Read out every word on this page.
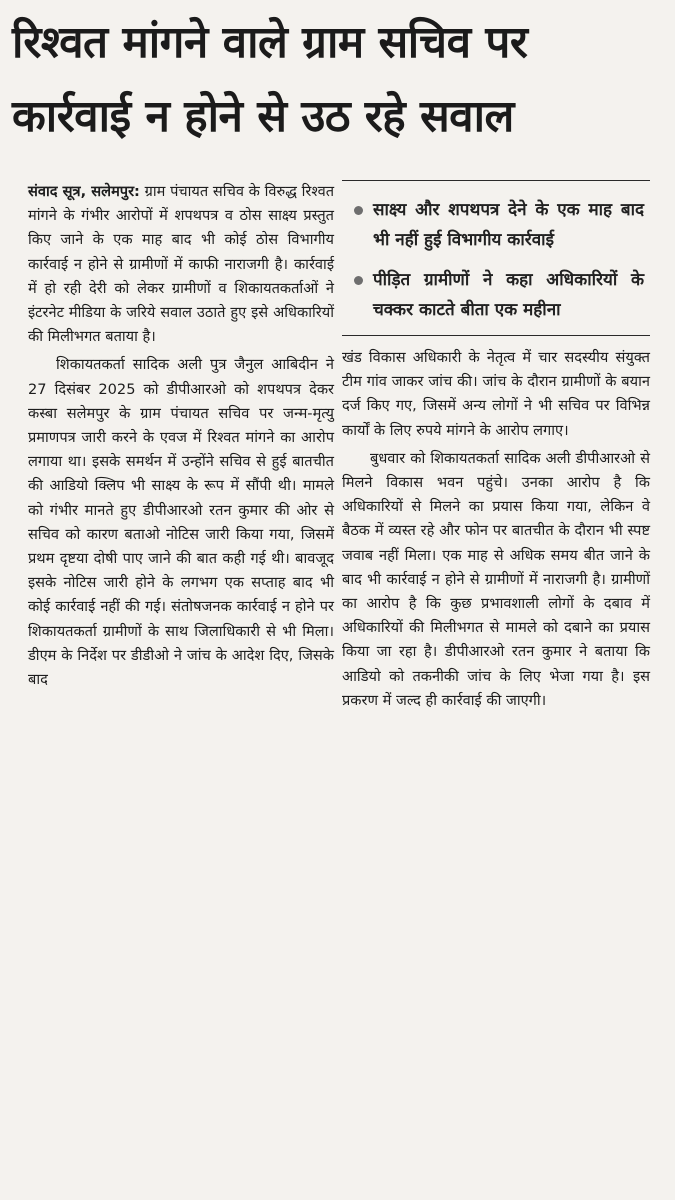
रिश्वत मांगने वाले ग्राम सचिव पर
कार्रवाई न होने से उठ रहे सवाल

संवाद सूत्र, सलेमपुर: ग्राम पंचायत सचिव के विरुद्ध रिश्वत मांगने के गंभीर आरोपों में शपथपत्र व ठोस साक्ष्य प्रस्तुत किए जाने के एक माह बाद भी कोई ठोस विभागीय कार्रवाई न होने से ग्रामीणों में काफी नाराजगी है। कार्रवाई में हो रही देरी को लेकर ग्रामीणों व शिकायतकर्ताओं ने इंटरनेट मीडिया के जरिये सवाल उठाते हुए इसे अधिकारियों की मिलीभगत बताया है।

शिकायतकर्ता सादिक अली पुत्र जैनुल आबिदीन ने 27 दिसंबर 2025 को डीपीआरओ को शपथपत्र देकर कस्बा सलेमपुर के ग्राम पंचायत सचिव पर जन्म-मृत्यु प्रमाणपत्र जारी करने के एवज में रिश्वत मांगने का आरोप लगाया था। इसके समर्थन में उन्होंने सचिव से हुई बातचीत की आडियो क्लिप भी साक्ष्य के रूप में सौंपी थी। मामले को गंभीर मानते हुए डीपीआरओ रतन कुमार की ओर से सचिव को कारण बताओ नोटिस जारी किया गया, जिसमें प्रथम दृष्टया दोषी पाए जाने की बात कही गई थी। बावजूद इसके नोटिस जारी होने के लगभग एक सप्ताह बाद भी कोई कार्रवाई नहीं की गई। संतोषजनक कार्रवाई न होने पर शिकायतकर्ता ग्रामीणों के साथ जिलाधिकारी से भी मिला। डीएम के निर्देश पर डीडीओ ने जांच के आदेश दिए, जिसके बाद

साक्ष्य और शपथपत्र देने के एक माह बाद भी नहीं हुई विभागीय कार्रवाई
पीड़ित ग्रामीणों ने कहा अधिकारियों के चक्कर काटते बीता एक महीना

खंड विकास अधिकारी के नेतृत्व में चार सदस्यीय संयुक्त टीम गांव जाकर जांच की। जांच के दौरान ग्रामीणों के बयान दर्ज किए गए, जिसमें अन्य लोगों ने भी सचिव पर विभिन्न कार्यों के लिए रुपये मांगने के आरोप लगाए।

बुधवार को शिकायतकर्ता सादिक अली डीपीआरओ से मिलने विकास भवन पहुंचे। उनका आरोप है कि अधिकारियों से मिलने का प्रयास किया गया, लेकिन वे बैठक में व्यस्त रहे और फोन पर बातचीत के दौरान भी स्पष्ट जवाब नहीं मिला। एक माह से अधिक समय बीत जाने के बाद भी कार्रवाई न होने से ग्रामीणों में नाराजगी है। ग्रामीणों का आरोप है कि कुछ प्रभावशाली लोगों के दबाव में अधिकारियों की मिलीभगत से मामले को दबाने का प्रयास किया जा रहा है। डीपीआरओ रतन कुमार ने बताया कि आडियो को तकनीकी जांच के लिए भेजा गया है। इस प्रकरण में जल्द ही कार्रवाई की जाएगी।
